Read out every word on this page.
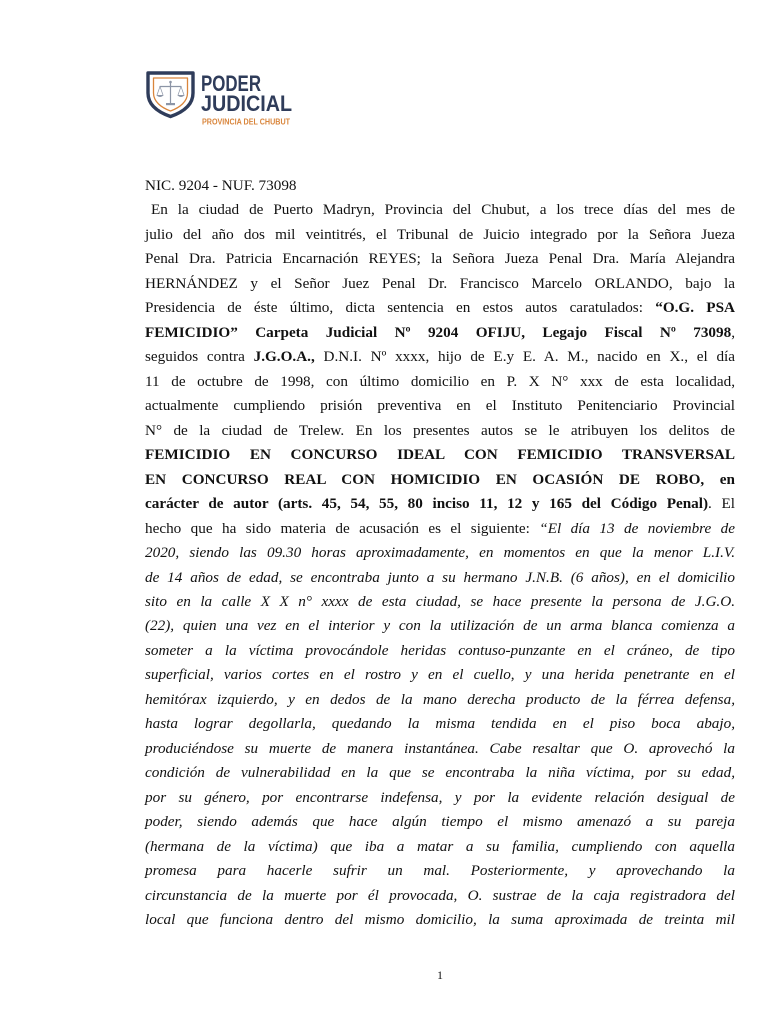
PODER
JUDICIAL
PROVINCIA DEL CHUBUT
NIC. 9204 - NUF. 73098
En la ciudad de Puerto Madryn, Provincia del Chubut, a los trece días del mes de
julio del año dos mil veintitrés, el Tribunal de Juicio integrado por la Señora Jueza
Penal Dra. Patricia Encarnación REYES; la Señora Jueza Penal Dra. María Alejandra
HERNÁNDEZ y el Señor Juez Penal Dr. Francisco Marcelo ORLANDO, bajo la
Presidencia de éste último, dicta sentencia en estos autos caratulados: “O.G. PSA
FEMICIDIO” Carpeta Judicial Nº 9204 OFIJU, Legajo Fiscal Nº 73098,
seguidos contra J.G.O.A., D.N.I. Nº xxxx, hijo de E.y E. A. M., nacido en X., el día
11 de octubre de 1998, con último domicilio en P. X N° xxx de esta localidad,
actualmente cumpliendo prisión preventiva en el Instituto Penitenciario Provincial
N° de la ciudad de Trelew. En los presentes autos se le atribuyen los delitos de
FEMICIDIO EN CONCURSO IDEAL CON FEMICIDIO TRANSVERSAL
EN CONCURSO REAL CON HOMICIDIO EN OCASIÓN DE ROBO, en
carácter de autor (arts. 45, 54, 55, 80 inciso 11, 12 y 165 del Código Penal). El
hecho que ha sido materia de acusación es el siguiente: “El día 13 de noviembre de
2020, siendo las 09.30 horas aproximadamente, en momentos en que la menor L.I.V.
de 14 años de edad, se encontraba junto a su hermano J.N.B. (6 años), en el domicilio
sito en la calle X X n° xxxx de esta ciudad, se hace presente la persona de J.G.O.
(22), quien una vez en el interior y con la utilización de un arma blanca comienza a
someter a la víctima provocándole heridas contuso-punzante en el cráneo, de tipo
superficial, varios cortes en el rostro y en el cuello, y una herida penetrante en el
hemitórax izquierdo, y en dedos de la mano derecha producto de la férrea defensa,
hasta lograr degollarla, quedando la misma tendida en el piso boca abajo,
produciéndose su muerte de manera instantánea. Cabe resaltar que O. aprovechó la
condición de vulnerabilidad en la que se encontraba la niña víctima, por su edad,
por su género, por encontrarse indefensa, y por la evidente relación desigual de
poder, siendo además que hace algún tiempo el mismo amenazó a su pareja
(hermana de la víctima) que iba a matar a su familia, cumpliendo con aquella
promesa para hacerle sufrir un mal. Posteriormente, y aprovechando la
circunstancia de la muerte por él provocada, O. sustrae de la caja registradora del
local que funciona dentro del mismo domicilio, la suma aproximada de treinta mil
1
